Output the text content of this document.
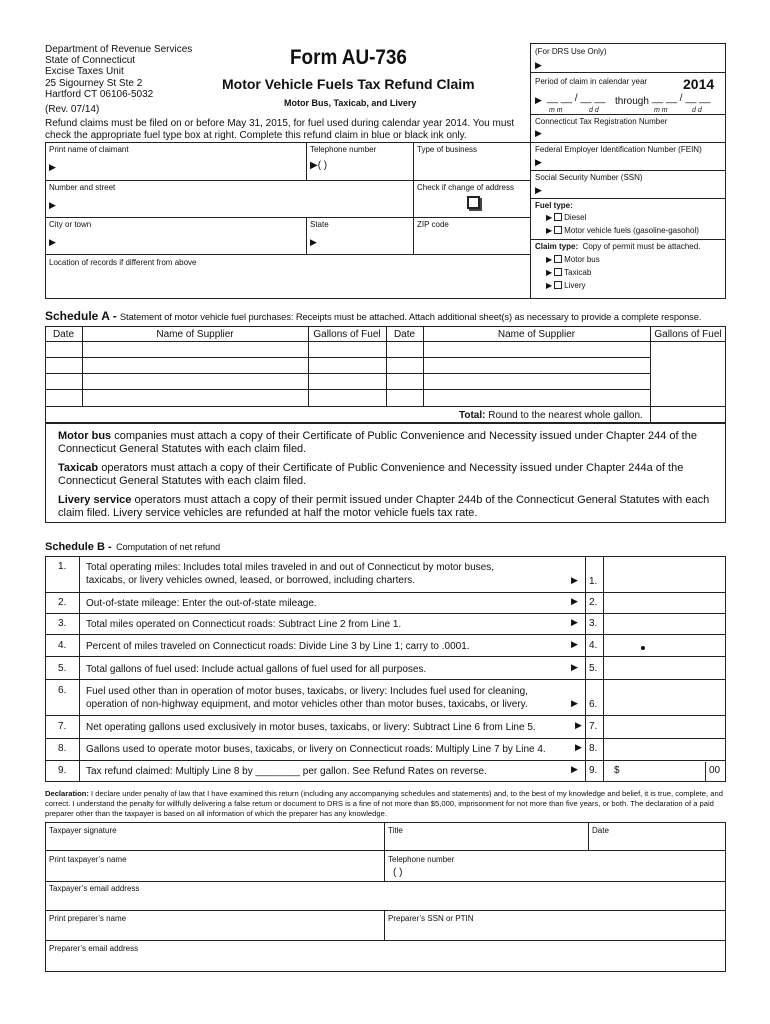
Department of Revenue Services
State of Connecticut
Excise Taxes Unit
25 Sigourney St Ste 2
Hartford CT 06106-5032
(Rev. 07/14)
Form AU-736
Motor Vehicle Fuels Tax Refund Claim
Motor Bus, Taxicab, and Livery
Refund claims must be filed on or before May 31, 2015, for fuel used during calendar year 2014. You must check the appropriate fuel type box at right. Complete this refund claim in blue or black ink only.
(For DRS Use Only)
▶
Period of claim in calendar year	2014
▶ __ __ / __ __ through __ __ / __ __
m m	d d	m m	d d
Connecticut Tax Registration Number
▶
Federal Employer Identification Number (FEIN)
▶
Social Security Number (SSN)
▶
Fuel type:
▶ Diesel
▶ Motor vehicle fuels (gasoline-gasohol)
Claim type: Copy of permit must be attached.
▶ Motor bus
▶ Taxicab
▶ Livery
Print name of claimant
▶
Telephone number
▶( )
Type of business
Number and street
▶
Check if change of address
City or town
▶
State
▶
ZIP code
Location of records if different from above
Schedule A - Statement of motor vehicle fuel purchases: Receipts must be attached. Attach additional sheet(s) as necessary to provide a complete response.
Date	Name of Supplier	Gallons of Fuel	Date	Name of Supplier	Gallons of Fuel
Total: Round to the nearest whole gallon.
Motor bus companies must attach a copy of their Certificate of Public Convenience and Necessity issued under Chapter 244 of the Connecticut General Statutes with each claim filed.
Taxicab operators must attach a copy of their Certificate of Public Convenience and Necessity issued under Chapter 244a of the Connecticut General Statutes with each claim filed.
Livery service operators must attach a copy of their permit issued under Chapter 244b of the Connecticut General Statutes with each claim filed. Livery service vehicles are refunded at half the motor vehicle fuels tax rate.
Schedule B - Computation of net refund
1. Total operating miles: Includes total miles traveled in and out of Connecticut by motor buses, taxicabs, or livery vehicles owned, leased, or borrowed, including charters.	▶ 1.
2. Out-of-state mileage: Enter the out-of-state mileage.	▶ 2.
3. Total miles operated on Connecticut roads: Subtract Line 2 from Line 1.	▶ 3.
4. Percent of miles traveled on Connecticut roads: Divide Line 3 by Line 1; carry to .0001.	▶ 4.
5. Total gallons of fuel used: Include actual gallons of fuel used for all purposes.	▶ 5.
6. Fuel used other than in operation of motor buses, taxicabs, or livery: Includes fuel used for cleaning, operation of non-highway equipment, and motor vehicles other than motor buses, taxicabs, or livery.	▶ 6.
7. Net operating gallons used exclusively in motor buses, taxicabs, or livery: Subtract Line 6 from Line 5.	▶ 7.
8. Gallons used to operate motor buses, taxicabs, or livery on Connecticut roads: Multiply Line 7 by Line 4.	▶ 8.
9. Tax refund claimed: Multiply Line 8 by ________ per gallon. See Refund Rates on reverse.	▶ 9. $	00
Declaration: I declare under penalty of law that I have examined this return (including any accompanying schedules and statements) and, to the best of my knowledge and belief, it is true, complete, and correct. I understand the penalty for willfully delivering a false return or document to DRS is a fine of not more than $5,000, imprisonment for not more than five years, or both. The declaration of a paid preparer other than the taxpayer is based on all information of which the preparer has any knowledge.
Taxpayer signature	Title	Date
Print taxpayer’s name	Telephone number
( )
Taxpayer’s email address
Print preparer’s name	Preparer’s SSN or PTIN
Preparer’s email address
